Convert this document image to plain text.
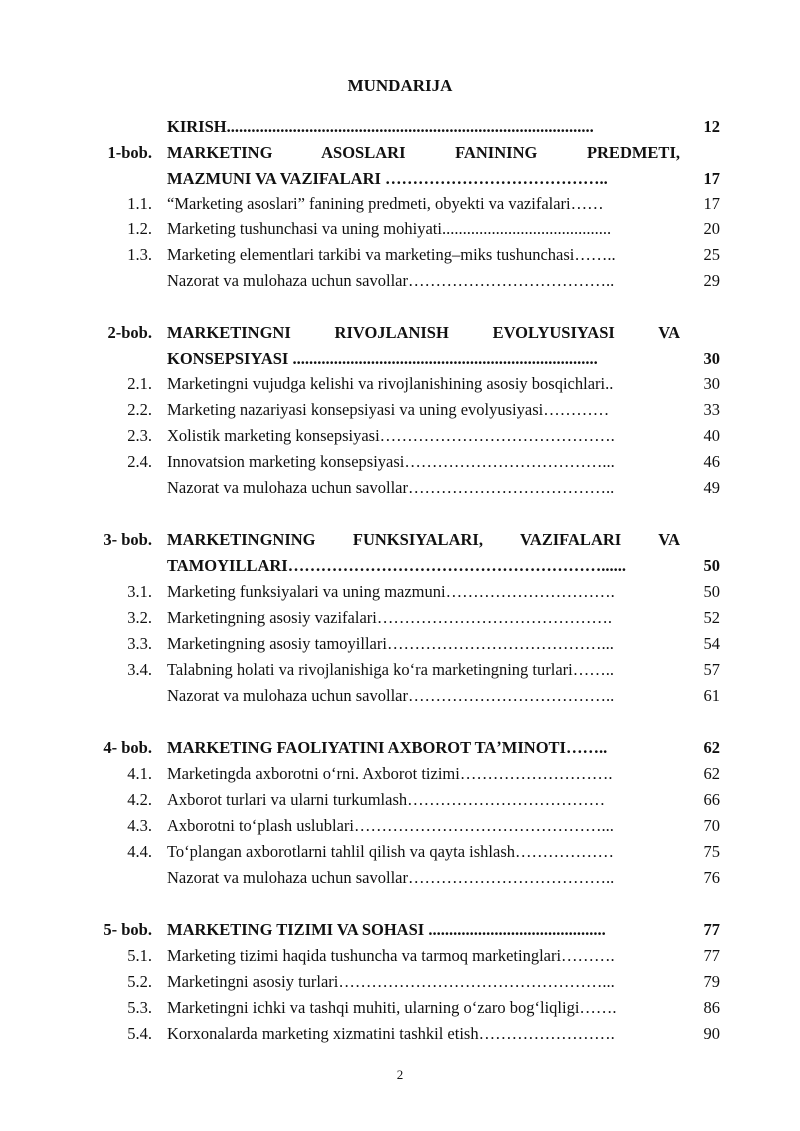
MUNDARIJA
KIRISH.........................................................................................	12
1-bob. MARKETING ASOSLARI FANINING PREDMETI,
MAZMUNI VA VAZIFALARI …………………………………..	17
1.1. “Marketing asoslari” fanining predmeti, obyekti va vazifalari……	17
1.2. Marketing tushunchasi va uning mohiyati.........................................	20
1.3. Marketing elementlari tarkibi va marketing–miks tushunchasi……..	25
Nazorat va mulohaza uchun savollar………………………………..	29
2-bob. MARKETINGNI RIVOJLANISH EVOLYUSIYASI VA
KONSEPSIYASI ..........................................................................	30
2.1. Marketingni vujudga kelishi va rivojlanishining asosiy bosqichlari..	30
2.2. Marketing nazariyasi konsepsiyasi va uning evolyusiyasi…………	33
2.3. Xolistik marketing konsepsiyasi…………………………………….	40
2.4. Innovatsion marketing konsepsiyasi………………………………...	46
Nazorat va mulohaza uchun savollar………………………………..	49
3- bob. MARKETINGNING FUNKSIYALARI, VAZIFALARI VA
TAMOYILLARI…………………………………………………......	50
3.1. Marketing funksiyalari va uning mazmuni………………………….	50
3.2. Marketingning asosiy vazifalari…………………………………….	52
3.3. Marketingning asosiy tamoyillari…………………………………...	54
3.4. Talabning holati va rivojlanishiga koʻra marketingning turlari……..	57
Nazorat va mulohaza uchun savollar………………………………..	61
4- bob. MARKETING FAOLIYATINI AXBOROT TAʼMINOTI……..	62
4.1. Marketingda axborotni oʻrni. Axborot tizimi……………………….	62
4.2. Axborot turlari va ularni turkumlash………………………………	66
4.3. Axborotni toʻplash uslublari………………………………………...	70
4.4. Toʻplangan axborotlarni tahlil qilish va qayta ishlash………………	75
Nazorat va mulohaza uchun savollar………………………………..	76
5- bob. MARKETING TIZIMI VA SOHASI ...........................................	77
5.1. Marketing tizimi haqida tushuncha va tarmoq marketinglari……….	77
5.2. Marketingni asosiy turlari…………………………………………...	79
5.3. Marketingni ichki va tashqi muhiti, ularning oʻzaro bogʻliqligi…….	86
5.4. Korxonalarda marketing xizmatini tashkil etish…………………….	90
2
